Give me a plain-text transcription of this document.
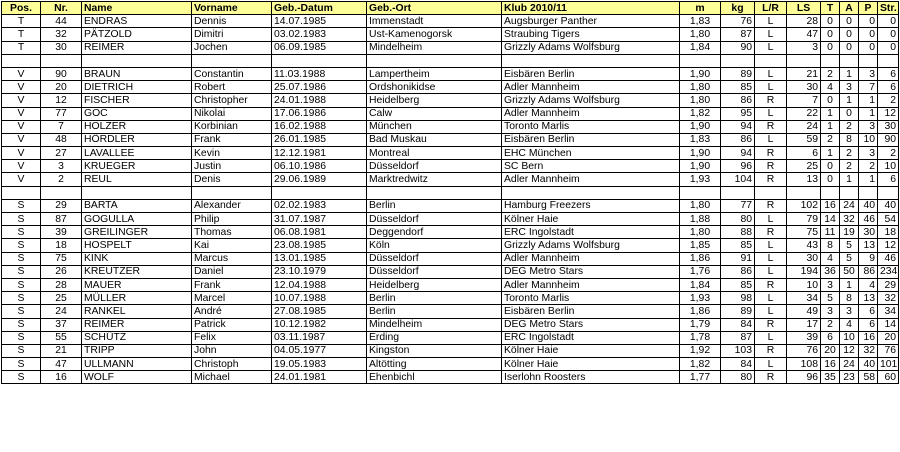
Pos.	Nr.	Name	Vorname	Geb.-Datum	Geb.-Ort	Klub 2010/11	m	kg	L/R	LS	T	A	P	Str.
T	44	ENDRAS	Dennis	14.07.1985	Immenstadt	Augsburger Panther	1,83	76	L	28	0	0	0	0
T	32	PÄTZOLD	Dimitri	03.02.1983	Ust-Kamenogorsk	Straubing Tigers	1,80	87	L	47	0	0	0	0
T	30	REIMER	Jochen	06.09.1985	Mindelheim	Grizzly Adams Wolfsburg	1,84	90	L	3	0	0	0	0

V	90	BRAUN	Constantin	11.03.1988	Lampertheim	Eisbären Berlin	1,90	89	L	21	2	1	3	6
V	20	DIETRICH	Robert	25.07.1986	Ordshonikidse	Adler Mannheim	1,80	85	L	30	4	3	7	6
V	12	FISCHER	Christopher	24.01.1988	Heidelberg	Grizzly Adams Wolfsburg	1,80	86	R	7	0	1	1	2
V	77	GOC	Nikolai	17.06.1986	Calw	Adler Mannheim	1,82	95	L	22	1	0	1	12
V	7	HOLZER	Korbinian	16.02.1988	München	Toronto Marlis	1,90	94	R	24	1	2	3	30
V	48	HÖRDLER	Frank	26.01.1985	Bad Muskau	Eisbären Berlin	1,83	86	L	59	2	8	10	90
V	27	LAVALLEE	Kevin	12.12.1981	Montreal	EHC München	1,90	94	R	6	1	2	3	2
V	3	KRUEGER	Justin	06.10.1986	Düsseldorf	SC Bern	1,90	96	R	25	0	2	2	10
V	2	REUL	Denis	29.06.1989	Marktredwitz	Adler Mannheim	1,93	104	R	13	0	1	1	6

S	29	BARTA	Alexander	02.02.1983	Berlin	Hamburg Freezers	1,80	77	R	102	16	24	40	40
S	87	GOGULLA	Philip	31.07.1987	Düsseldorf	Kölner Haie	1,88	80	L	79	14	32	46	54
S	39	GREILINGER	Thomas	06.08.1981	Deggendorf	ERC Ingolstadt	1,80	88	R	75	11	19	30	18
S	18	HOSPELT	Kai	23.08.1985	Köln	Grizzly Adams Wolfsburg	1,85	85	L	43	8	5	13	12
S	75	KINK	Marcus	13.01.1985	Düsseldorf	Adler Mannheim	1,86	91	L	30	4	5	9	46
S	26	KREUTZER	Daniel	23.10.1979	Düsseldorf	DEG Metro Stars	1,76	86	L	194	36	50	86	234
S	28	MAUER	Frank	12.04.1988	Heidelberg	Adler Mannheim	1,84	85	R	10	3	1	4	29
S	25	MÜLLER	Marcel	10.07.1988	Berlin	Toronto Marlis	1,93	98	L	34	5	8	13	32
S	24	RANKEL	André	27.08.1985	Berlin	Eisbären Berlin	1,86	89	L	49	3	3	6	34
S	37	REIMER	Patrick	10.12.1982	Mindelheim	DEG Metro Stars	1,79	84	R	17	2	4	6	14
S	55	SCHÜTZ	Felix	03.11.1987	Erding	ERC Ingolstadt	1,78	87	L	39	6	10	16	20
S	21	TRIPP	John	04.05.1977	Kingston	Kölner Haie	1,92	103	R	76	20	12	32	76
S	47	ULLMANN	Christoph	19.05.1983	Altötting	Kölner Haie	1,82	84	L	108	16	24	40	101
S	16	WOLF	Michael	24.01.1981	Ehenbichl	Iserlohn Roosters	1,77	80	R	96	35	23	58	60
